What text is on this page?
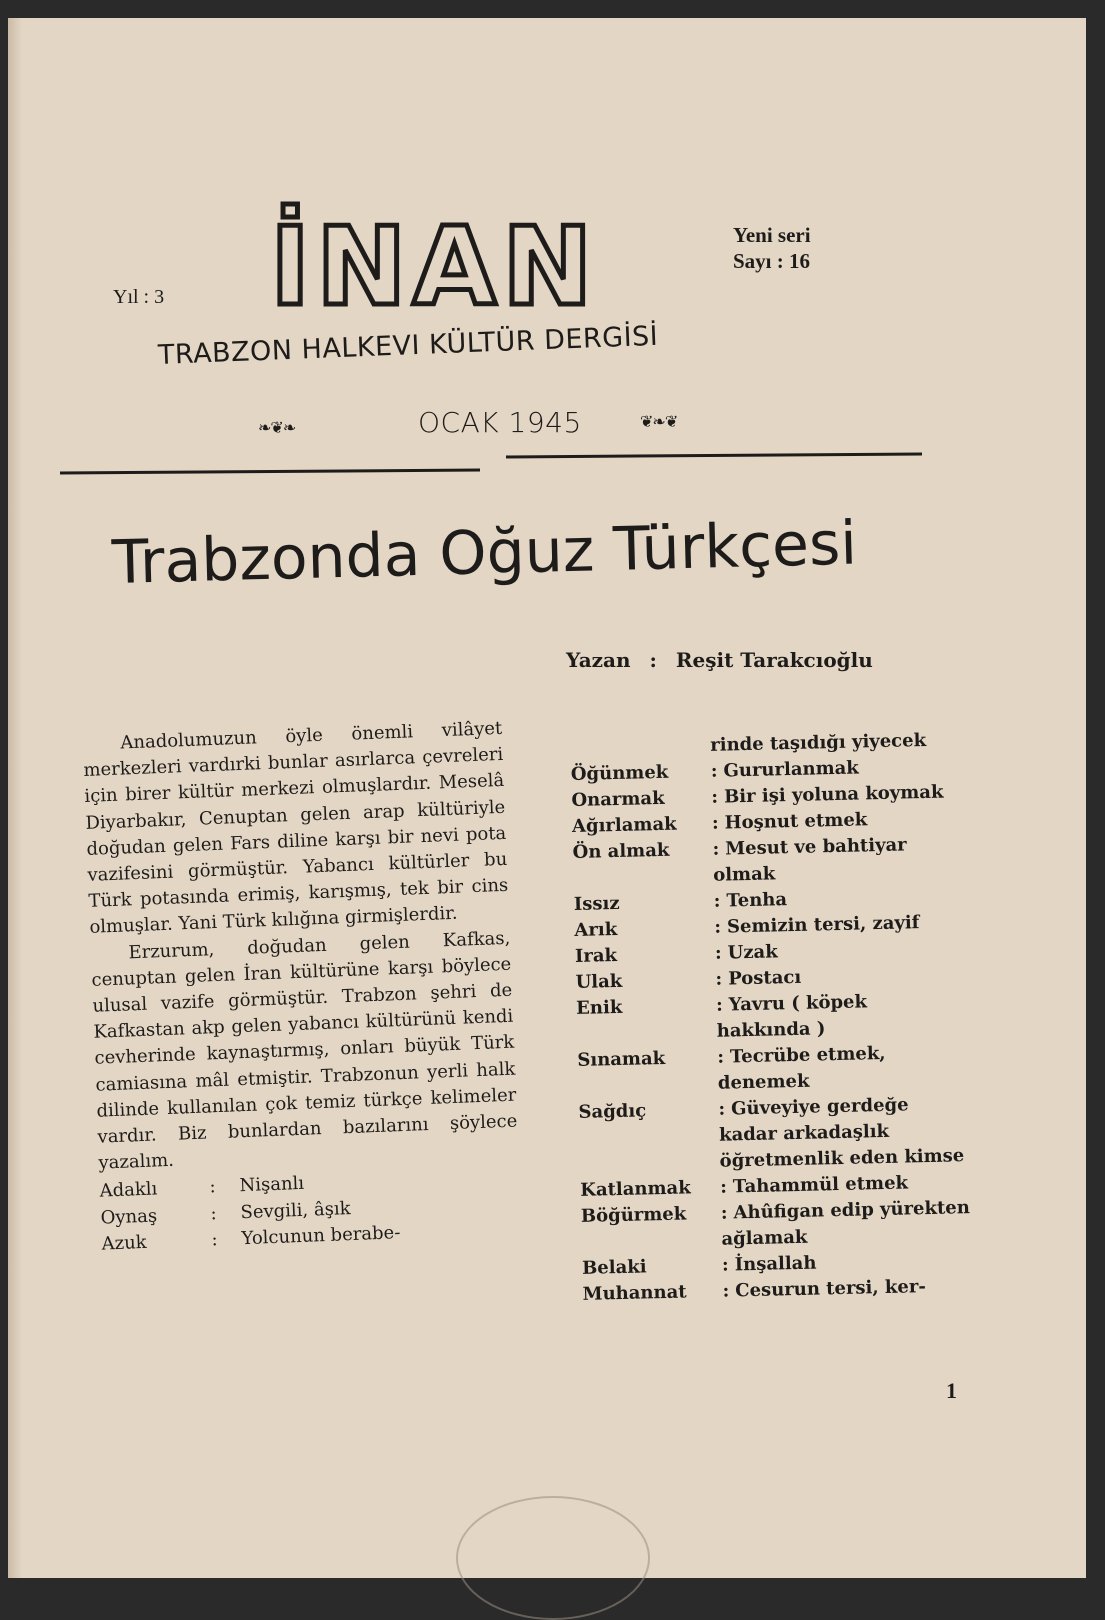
Yıl : 3 İNAN	Yeni seri
Sayı : 16
TRABZON HALKEVI KÜLTÜR DERGİSİ
❧❦❧	OCAK 1945	❦❧❦
Trabzonda Oğuz Türkçesi
Yazan : Reşit Tarakcıoğlu

Anadolumuzun öyle önemli vilâyet merkezleri vardırki bunlar asırlarca çevreleri için birer kültür merkezi olmuşlardır. Meselâ Diyarbakır, Cenuptan gelen arap kültüriyle doğudan gelen Fars diline karşı bir nevi pota vazifesini görmüştür. Yabancı kültürler bu Türk potasında erimiş, karışmış, tek bir cins olmuşlar. Yani Türk kılığına girmişlerdir.

Erzurum, doğudan gelen Kafkas, cenuptan gelen İran kültürüne karşı böylece ulusal vazife görmüştür. Trabzon şehri de Kafkastan akp gelen yabancı kültürünü kendi cevherinde kaynaştırmış, onları büyük Türk camiasına mâl etmiştir. Trabzonun yerli halk dilinde kullanılan çok temiz türkçe kelimeler vardır. Biz bunlardan bazılarını şöylece yazalım.

Adaklı	:	Nişanlı
Oynaş	:	Sevgili, âşık
Azuk	:	Yolcunun berabe-
rinde taşıdığı yiyecek
Öğünmek	: Gururlanmak
Onarmak	: Bir işi yoluna koymak
Ağırlamak	: Hoşnut etmek
Ön almak	: Mesut ve bahtiyar olmak
Issız	: Tenha
Arık	: Semizin tersi, zayif
Irak	: Uzak
Ulak	: Postacı
Enik	: Yavru ( köpek hakkında )
Sınamak	: Tecrübe etmek, denemek
Sağdıç	: Güveyiye gerdeğe kadar arkadaşlık öğretmenlik eden kimse
Katlanmak	: Tahammül etmek
Böğürmek	: Ahûfigan edip yürekten ağlamak
Belaki	: İnşallah
Muhannat	: Cesurun tersi, ker-
1
